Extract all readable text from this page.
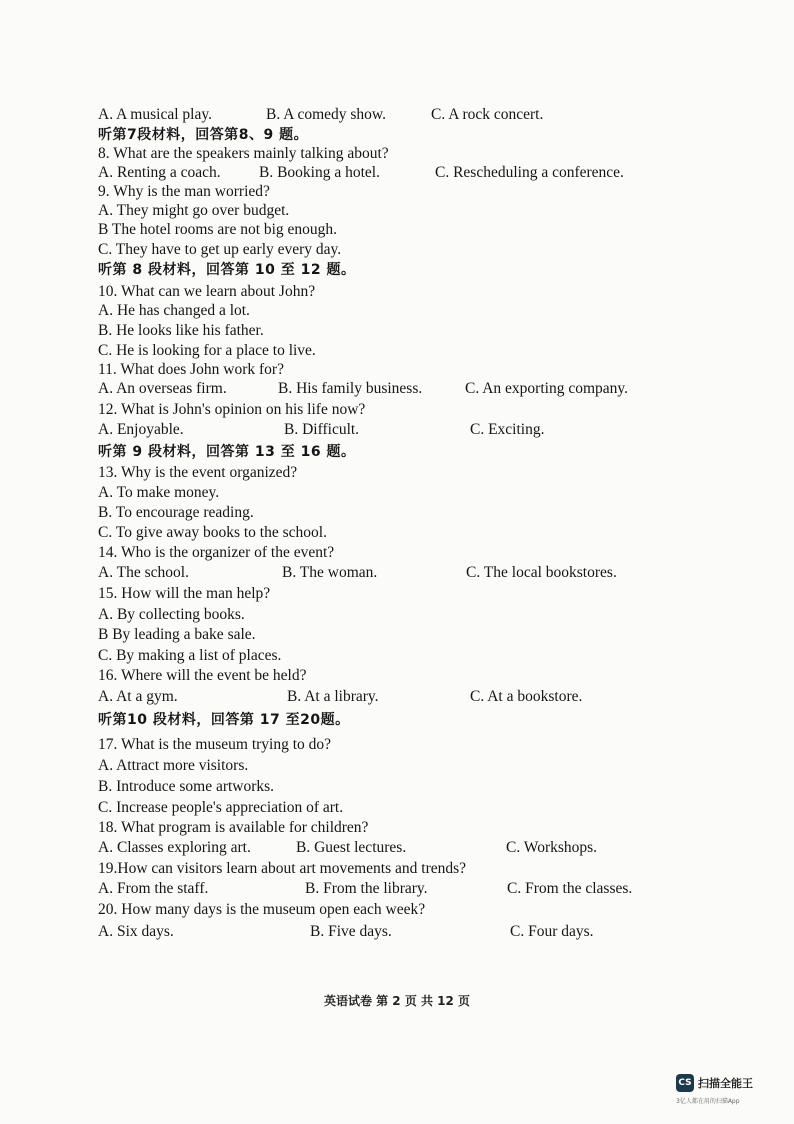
A. A musical play.	B. A comedy show.	C. A rock concert.
听第7段材料，回答第8、9 题。
8. What are the speakers mainly talking about?
A. Renting a coach. B. Booking a hotel.	C. Rescheduling a conference.
9. Why is the man worried?
A. They might go over budget.
B The hotel rooms are not big enough.
C. They have to get up early every day.
听第 8 段材料，回答第 10 至 12 题。
10. What can we learn about John?
A. He has changed a lot.
B. He looks like his father.
C. He is looking for a place to live.
11. What does John work for?
A. An overseas firm.	B. His family business.	C. An exporting company.
12. What is John's opinion on his life now?
A. Enjoyable.	B. Difficult.	C. Exciting.
听第 9 段材料，回答第 13 至 16 题。
13. Why is the event organized?
A. To make money.
B. To encourage reading.
C. To give away books to the school.
14. Who is the organizer of the event?
A. The school.	B. The woman.	C. The local bookstores.
15. How will the man help?
A. By collecting books.
B By leading a bake sale.
C. By making a list of places.
16. Where will the event be held?
A. At a gym.	B. At a library.	C. At a bookstore.
听第10 段材料，回答第 17 至20题。
17. What is the museum trying to do?
A. Attract more visitors.
B. Introduce some artworks.
C. Increase people's appreciation of art.
18. What program is available for children?
A. Classes exploring art.	B. Guest lectures.	C. Workshops.
19.How can visitors learn about art movements and trends?
A. From the staff.	B. From the library.	C. From the classes.
20. How many days is the museum open each week?
A. Six days.	B. Five days.	C. Four days.
英语试卷 第 2 页 共 12 页
CS 扫描全能王
3亿人都在用的扫描App
